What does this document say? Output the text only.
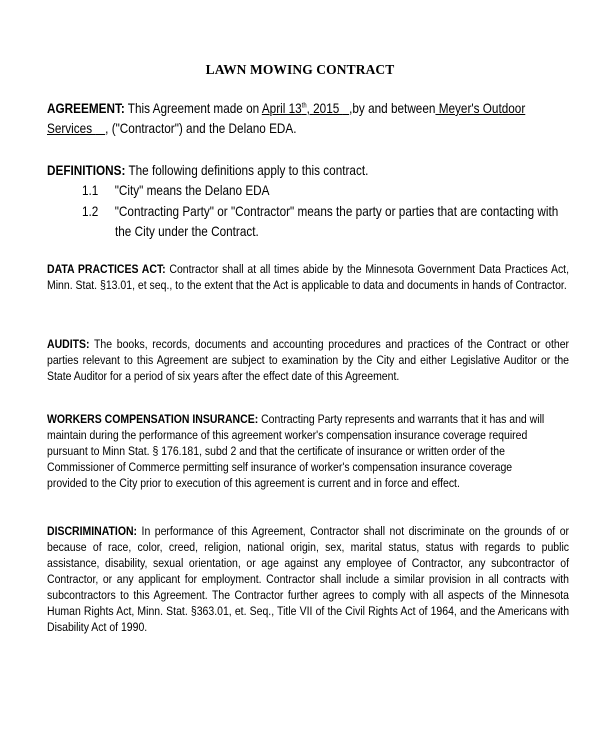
LAWN MOWING CONTRACT
AGREEMENT: This Agreement made on April 13th, 2015   ,by and between Meyer's Outdoor
Services    , ("Contractor") and the Delano EDA.
DEFINITIONS: The following definitions apply to this contract.
1.1 "City" means the Delano EDA
1.2 "Contracting Party" or "Contractor" means the party or parties that are contacting with
the City under the Contract.
DATA PRACTICES ACT: Contractor shall at all times abide by the Minnesota Government Data Practices Act, Minn. Stat. §13.01, et seq., to the extent that the Act is applicable to data and documents in hands of Contractor.
AUDITS: The books, records, documents and accounting procedures and practices of the Contract or other parties relevant to this Agreement are subject to examination by the City and either Legislative Auditor or the State Auditor for a period of six years after the effect date of this Agreement.
WORKERS COMPENSATION INSURANCE: Contracting Party represents and warrants that it has and will maintain during the performance of this agreement worker's compensation insurance coverage required pursuant to Minn Stat. § 176.181, subd 2 and that the certificate of insurance or written order of the Commissioner of Commerce permitting self insurance of worker's compensation insurance coverage provided to the City prior to execution of this agreement is current and in force and effect.
DISCRIMINATION: In performance of this Agreement, Contractor shall not discriminate on the grounds of or because of race, color, creed, religion, national origin, sex, marital status, status with regards to public assistance, disability, sexual orientation, or age against any employee of Contractor, any subcontractor of Contractor, or any applicant for employment. Contractor shall include a similar provision in all contracts with subcontractors to this Agreement. The Contractor further agrees to comply with all aspects of the Minnesota Human Rights Act, Minn. Stat. §363.01, et. Seq., Title VII of the Civil Rights Act of 1964, and the Americans with Disability Act of 1990.
